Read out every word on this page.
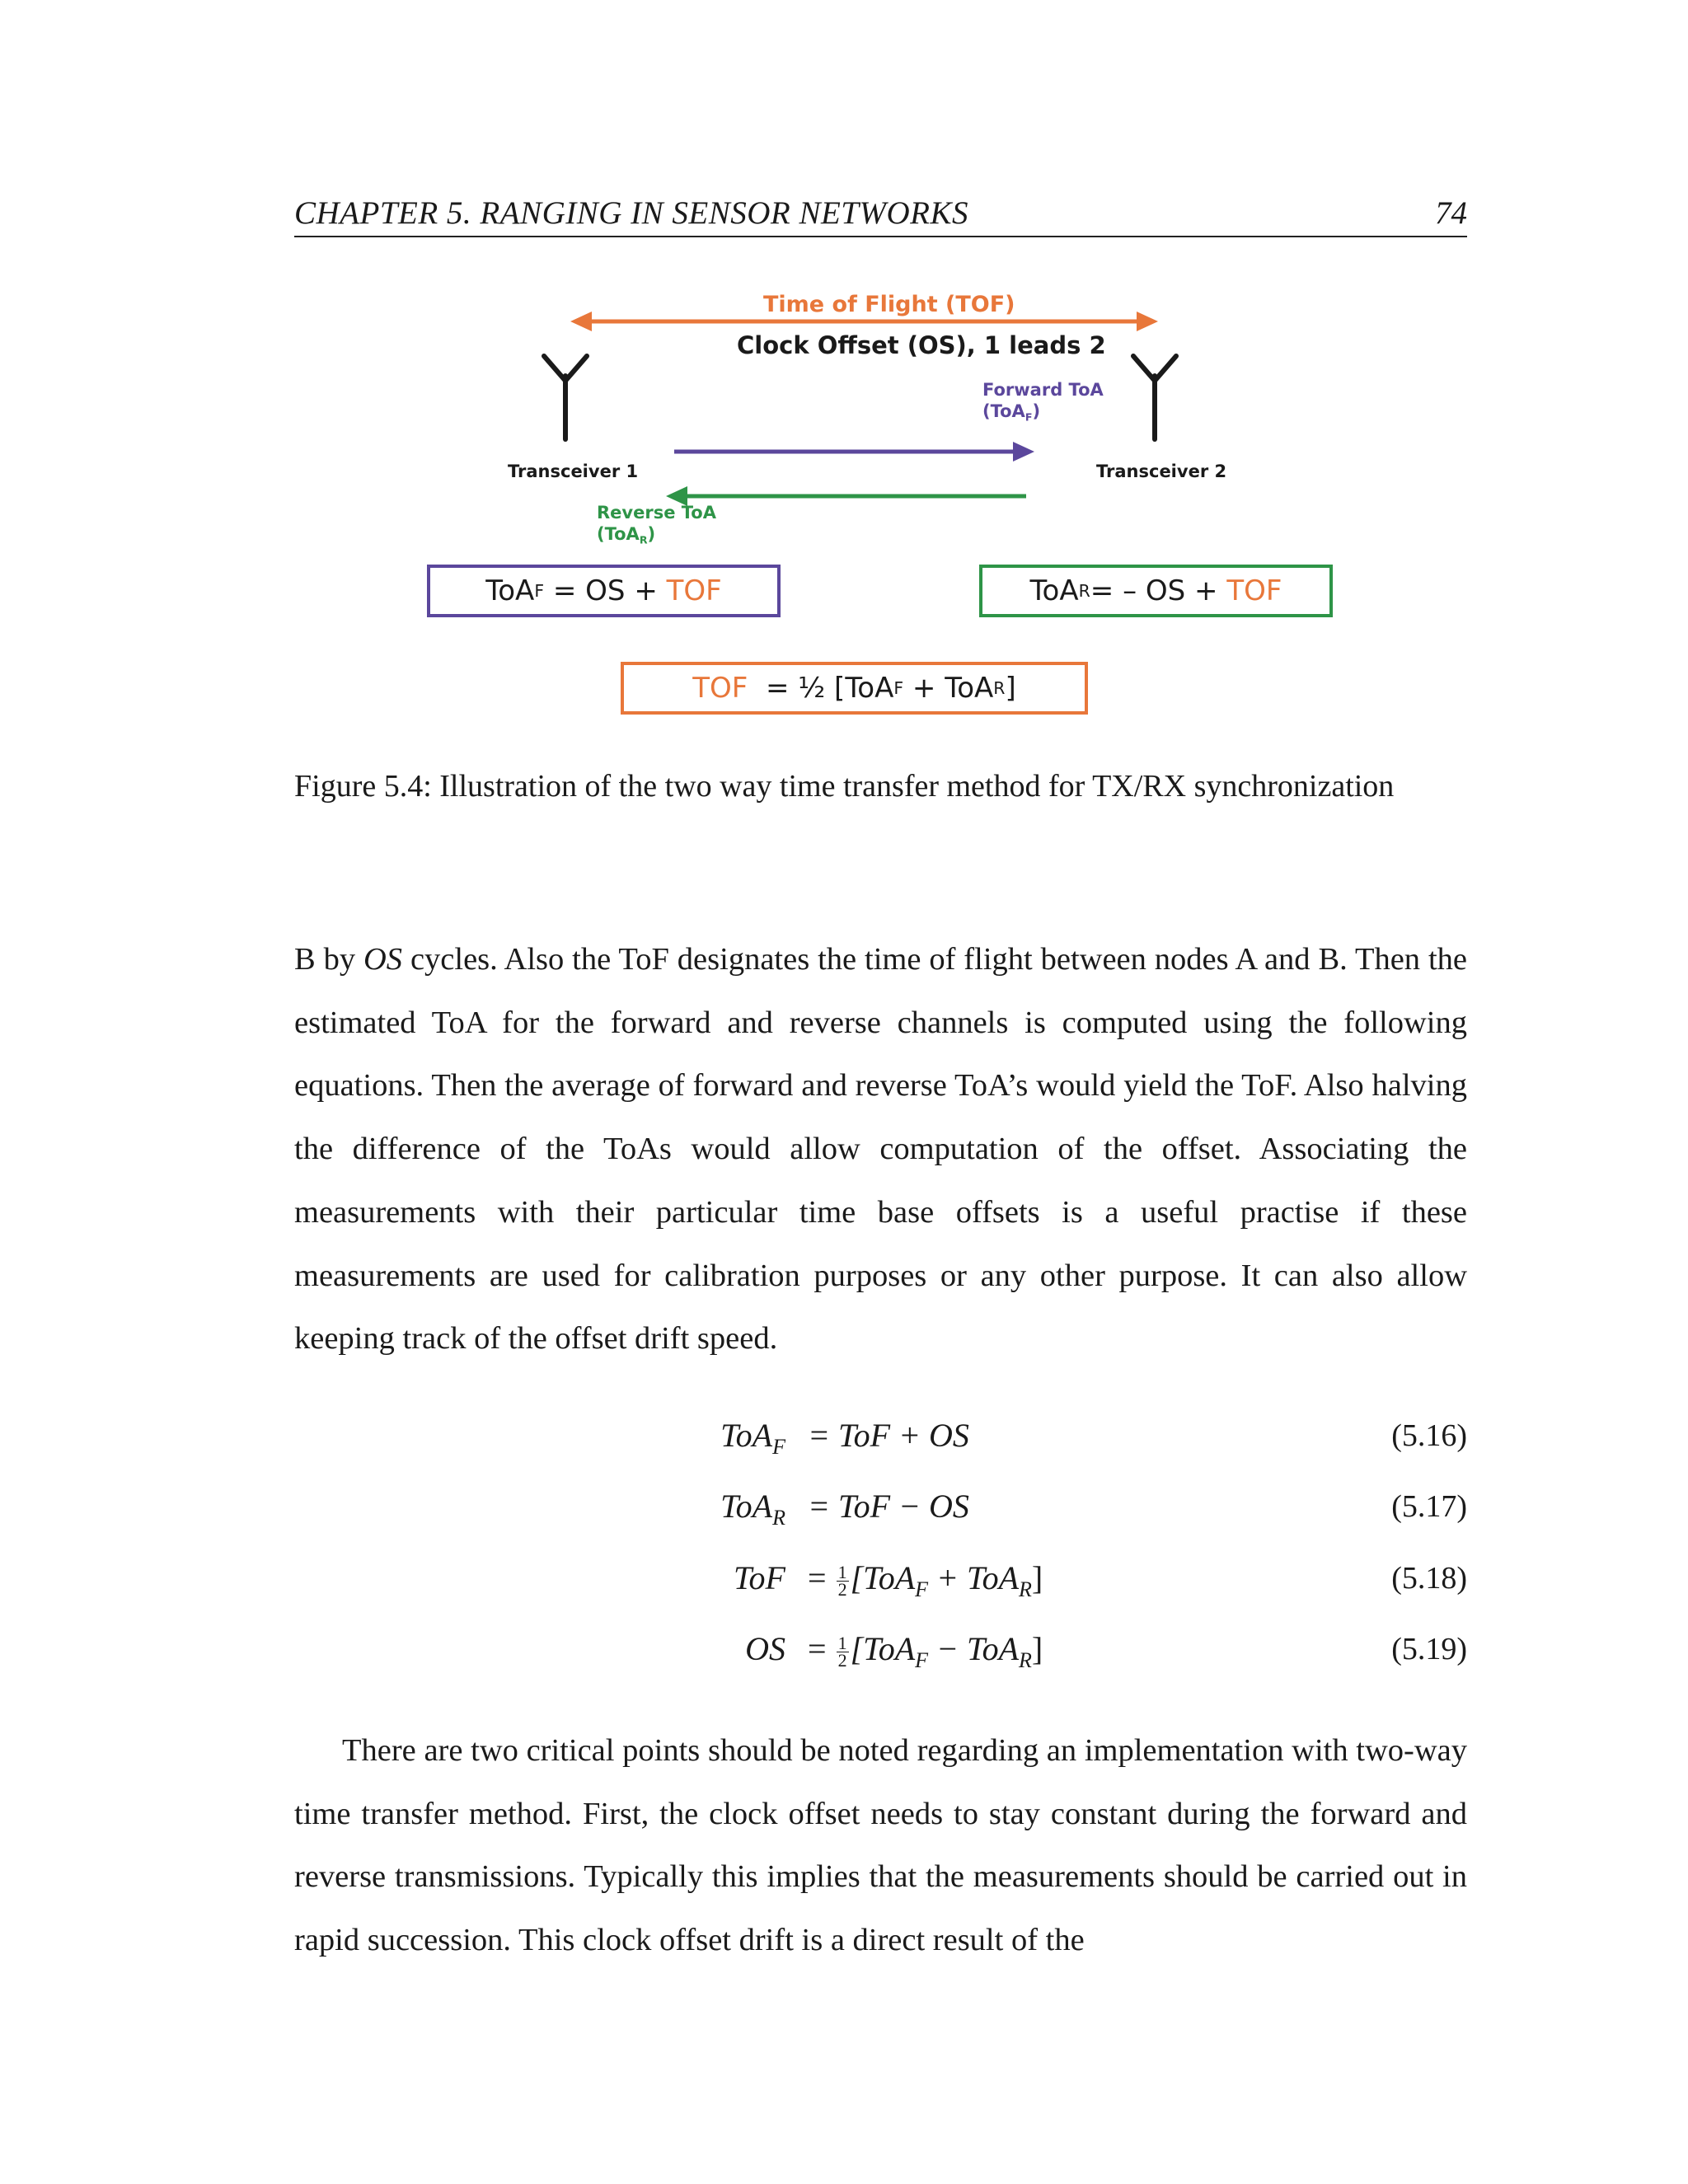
CHAPTER 5. RANGING IN SENSOR NETWORKS	74
Time of Flight (TOF)
Clock Offset (OS), 1 leads 2
Forward ToA
(ToA$_F$)
Transceiver 1	Transceiver 2
Reverse ToA
(ToA$_R$)
ToA F = OS + TOF	ToA R = – OS + TOF
TOF = ½ [ToA F + ToA R ]
Figure 5.4: Illustration of the two way time transfer method for TX/RX synchronization

B by OS cycles. Also the ToF designates the time of flight between nodes A and B. Then the estimated ToA for the forward and reverse channels is computed using the following equations. Then the average of forward and reverse ToA’s would yield the ToF. Also halving the difference of the ToAs would allow computation of the offset. Associating the measurements with their particular time base offsets is a useful practise if these measurements are used for calibration purposes or any other purpose. It can also allow keeping track of the offset drift speed.

ToA$_F$ = ToF + OS	(5.16)
ToA$_R$ = ToF − OS	(5.17)
ToF = $\frac{1}{2} [ToA_F + ToA_R]$	(5.18)
OS = $\frac{1}{2} [ToA_F - ToA_R]$	(5.19)

There are two critical points should be noted regarding an implementation with two-way time transfer method. First, the clock offset needs to stay constant during the forward and reverse transmissions. Typically this implies that the measurements should be carried out in rapid succession. This clock offset drift is a direct result of the
